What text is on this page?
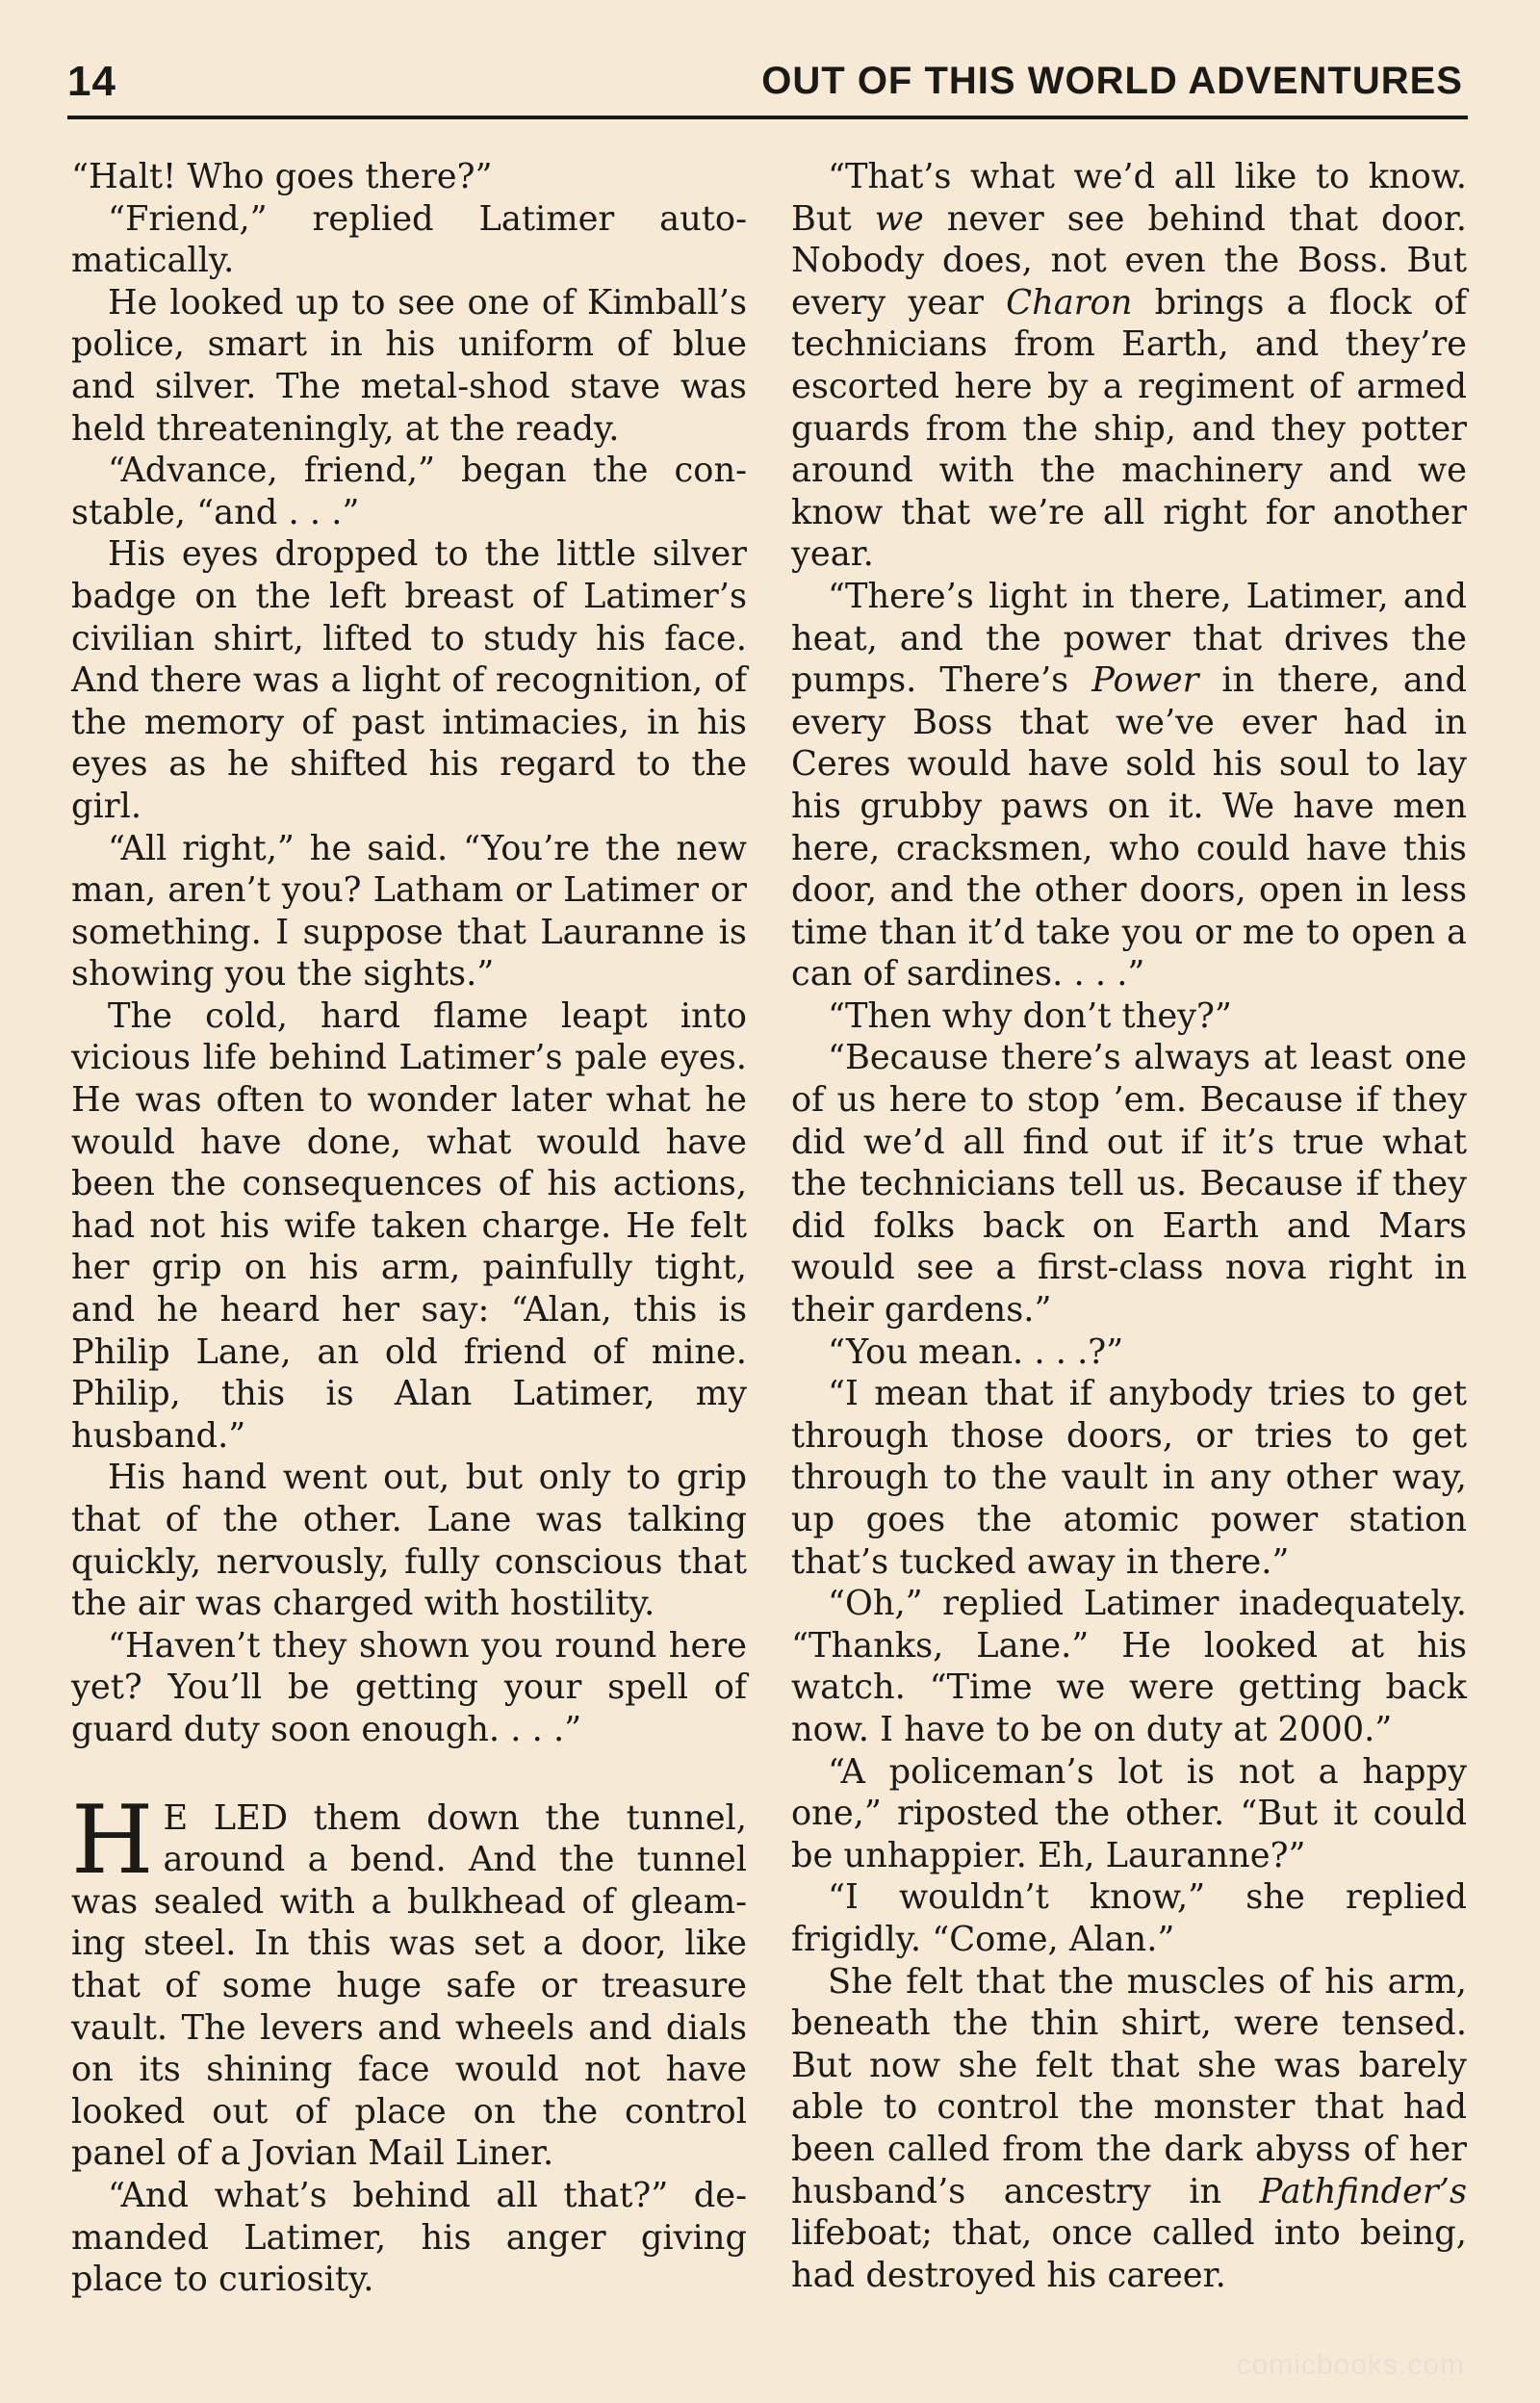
14	OUT OF THIS WORLD ADVENTURES

“Halt! Who goes there?”

“Friend,” replied Latimer automatically.

He looked up to see one of Kimball’s police, smart in his uniform of blue and silver. The metal-shod stave was held threateningly, at the ready.

“Advance, friend,” began the constable, “and . . .”

His eyes dropped to the little silver badge on the left breast of Latimer’s civilian shirt, lifted to study his face. And there was a light of recognition, of the memory of past intimacies, in his eyes as he shifted his regard to the girl.

“All right,” he said. “You’re the new man, aren’t you? Latham or Latimer or something. I suppose that Lauranne is showing you the sights.”

The cold, hard flame leapt into vicious life behind Latimer’s pale eyes. He was often to wonder later what he would have done, what would have been the consequences of his actions, had not his wife taken charge. He felt her grip on his arm, painfully tight, and he heard her say: “Alan, this is Philip Lane, an old friend of mine. Philip, this is Alan Latimer, my husband.”

His hand went out, but only to grip that of the other. Lane was talking quickly, nervously, fully conscious that the air was charged with hostility.

“Haven’t they shown you round here yet? You’ll be getting your spell of guard duty soon enough. . . .”

H E LED them down the tunnel, around a bend. And the tunnel was sealed with a bulkhead of gleaming steel. In this was set a door, like that of some huge safe or treasure vault. The levers and wheels and dials on its shining face would not have looked out of place on the control panel of a Jovian Mail Liner.

“And what’s behind all that?” demanded Latimer, his anger giving place to curiosity.

“That’s what we’d all like to know. But we never see behind that door. Nobody does, not even the Boss. But every year Charon brings a flock of technicians from Earth, and they’re escorted here by a regiment of armed guards from the ship, and they potter around with the machinery and we know that we’re all right for another year.

“There’s light in there, Latimer, and heat, and the power that drives the pumps. There’s Power in there, and every Boss that we’ve ever had in Ceres would have sold his soul to lay his grubby paws on it. We have men here, cracksmen, who could have this door, and the other doors, open in less time than it’d take you or me to open a can of sardines. . . .”

“Then why don’t they?”

“Because there’s always at least one of us here to stop ’em. Because if they did we’d all find out if it’s true what the technicians tell us. Because if they did folks back on Earth and Mars would see a first-class nova right in their gardens.”

“You mean. . . .?”

“I mean that if anybody tries to get through those doors, or tries to get through to the vault in any other way, up goes the atomic power station that’s tucked away in there.”

“Oh,” replied Latimer inadequately. “Thanks, Lane.” He looked at his watch. “Time we were getting back now. I have to be on duty at 2000.”

“A policeman’s lot is not a happy one,” riposted the other. “But it could be unhappier. Eh, Lauranne?”

“I wouldn’t know,” she replied frigidly. “Come, Alan.”

She felt that the muscles of his arm, beneath the thin shirt, were tensed. But now she felt that she was barely able to control the monster that had been called from the dark abyss of her husband’s ancestry in Pathfinder’s lifeboat; that, once called into being, had destroyed his career.

comicbooks.com
